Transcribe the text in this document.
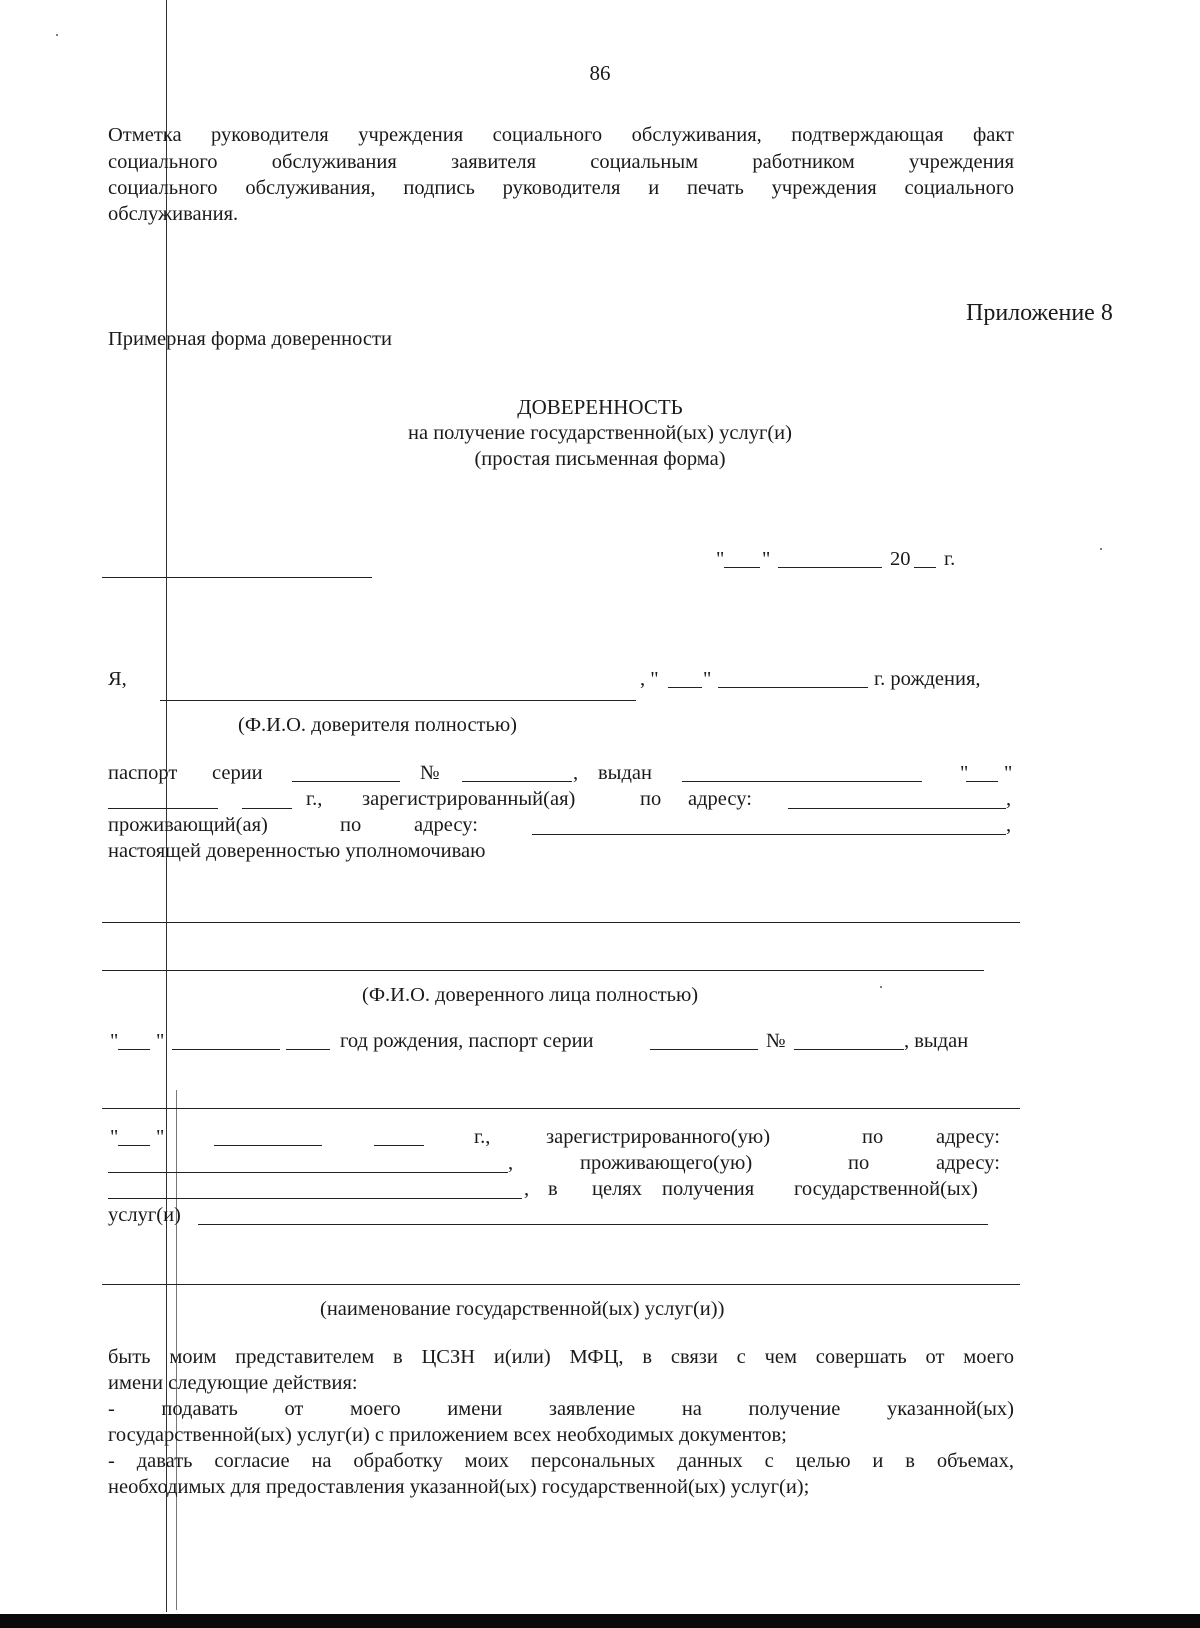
86
Отметка руководителя учреждения социального обслуживания, подтверждающая факт
социального обслуживания заявителя социальным работником учреждения
социального обслуживания, подпись руководителя и печать учреждения социального
обслуживания.
Приложение 8
Примерная форма доверенности
ДОВЕРЕННОСТЬ
на получение государственной(ых) услуг(и)
(простая письменная форма)
" "	20 г.
Я,	, " "	г. рождения,
(Ф.И.О. доверителя полностью)
паспорт серии	№	, выдан	" "
г., зарегистрированный(ая)	по адресу:	,
проживающий(ая)	по	адресу:	,
настоящей доверенностью уполномочиваю
(Ф.И.О. доверенного лица полностью)
" "	год рождения, паспорт серии	№	, выдан
" "	г.,	зарегистрированного(ую)	по	адресу:
,	проживающего(ую)	по	адресу:
, в целях получения государственной(ых)
услуг(и)
(наименование государственной(ых) услуг(и))
быть моим представителем в ЦСЗН и(или) МФЦ, в связи с чем совершать от моего
имени следующие действия:
- подавать от моего имени заявление на получение указанной(ых)
государственной(ых) услуг(и) с приложением всех необходимых документов;
- давать согласие на обработку моих персональных данных с целью и в объемах,
необходимых для предоставления указанной(ых) государственной(ых) услуг(и);
